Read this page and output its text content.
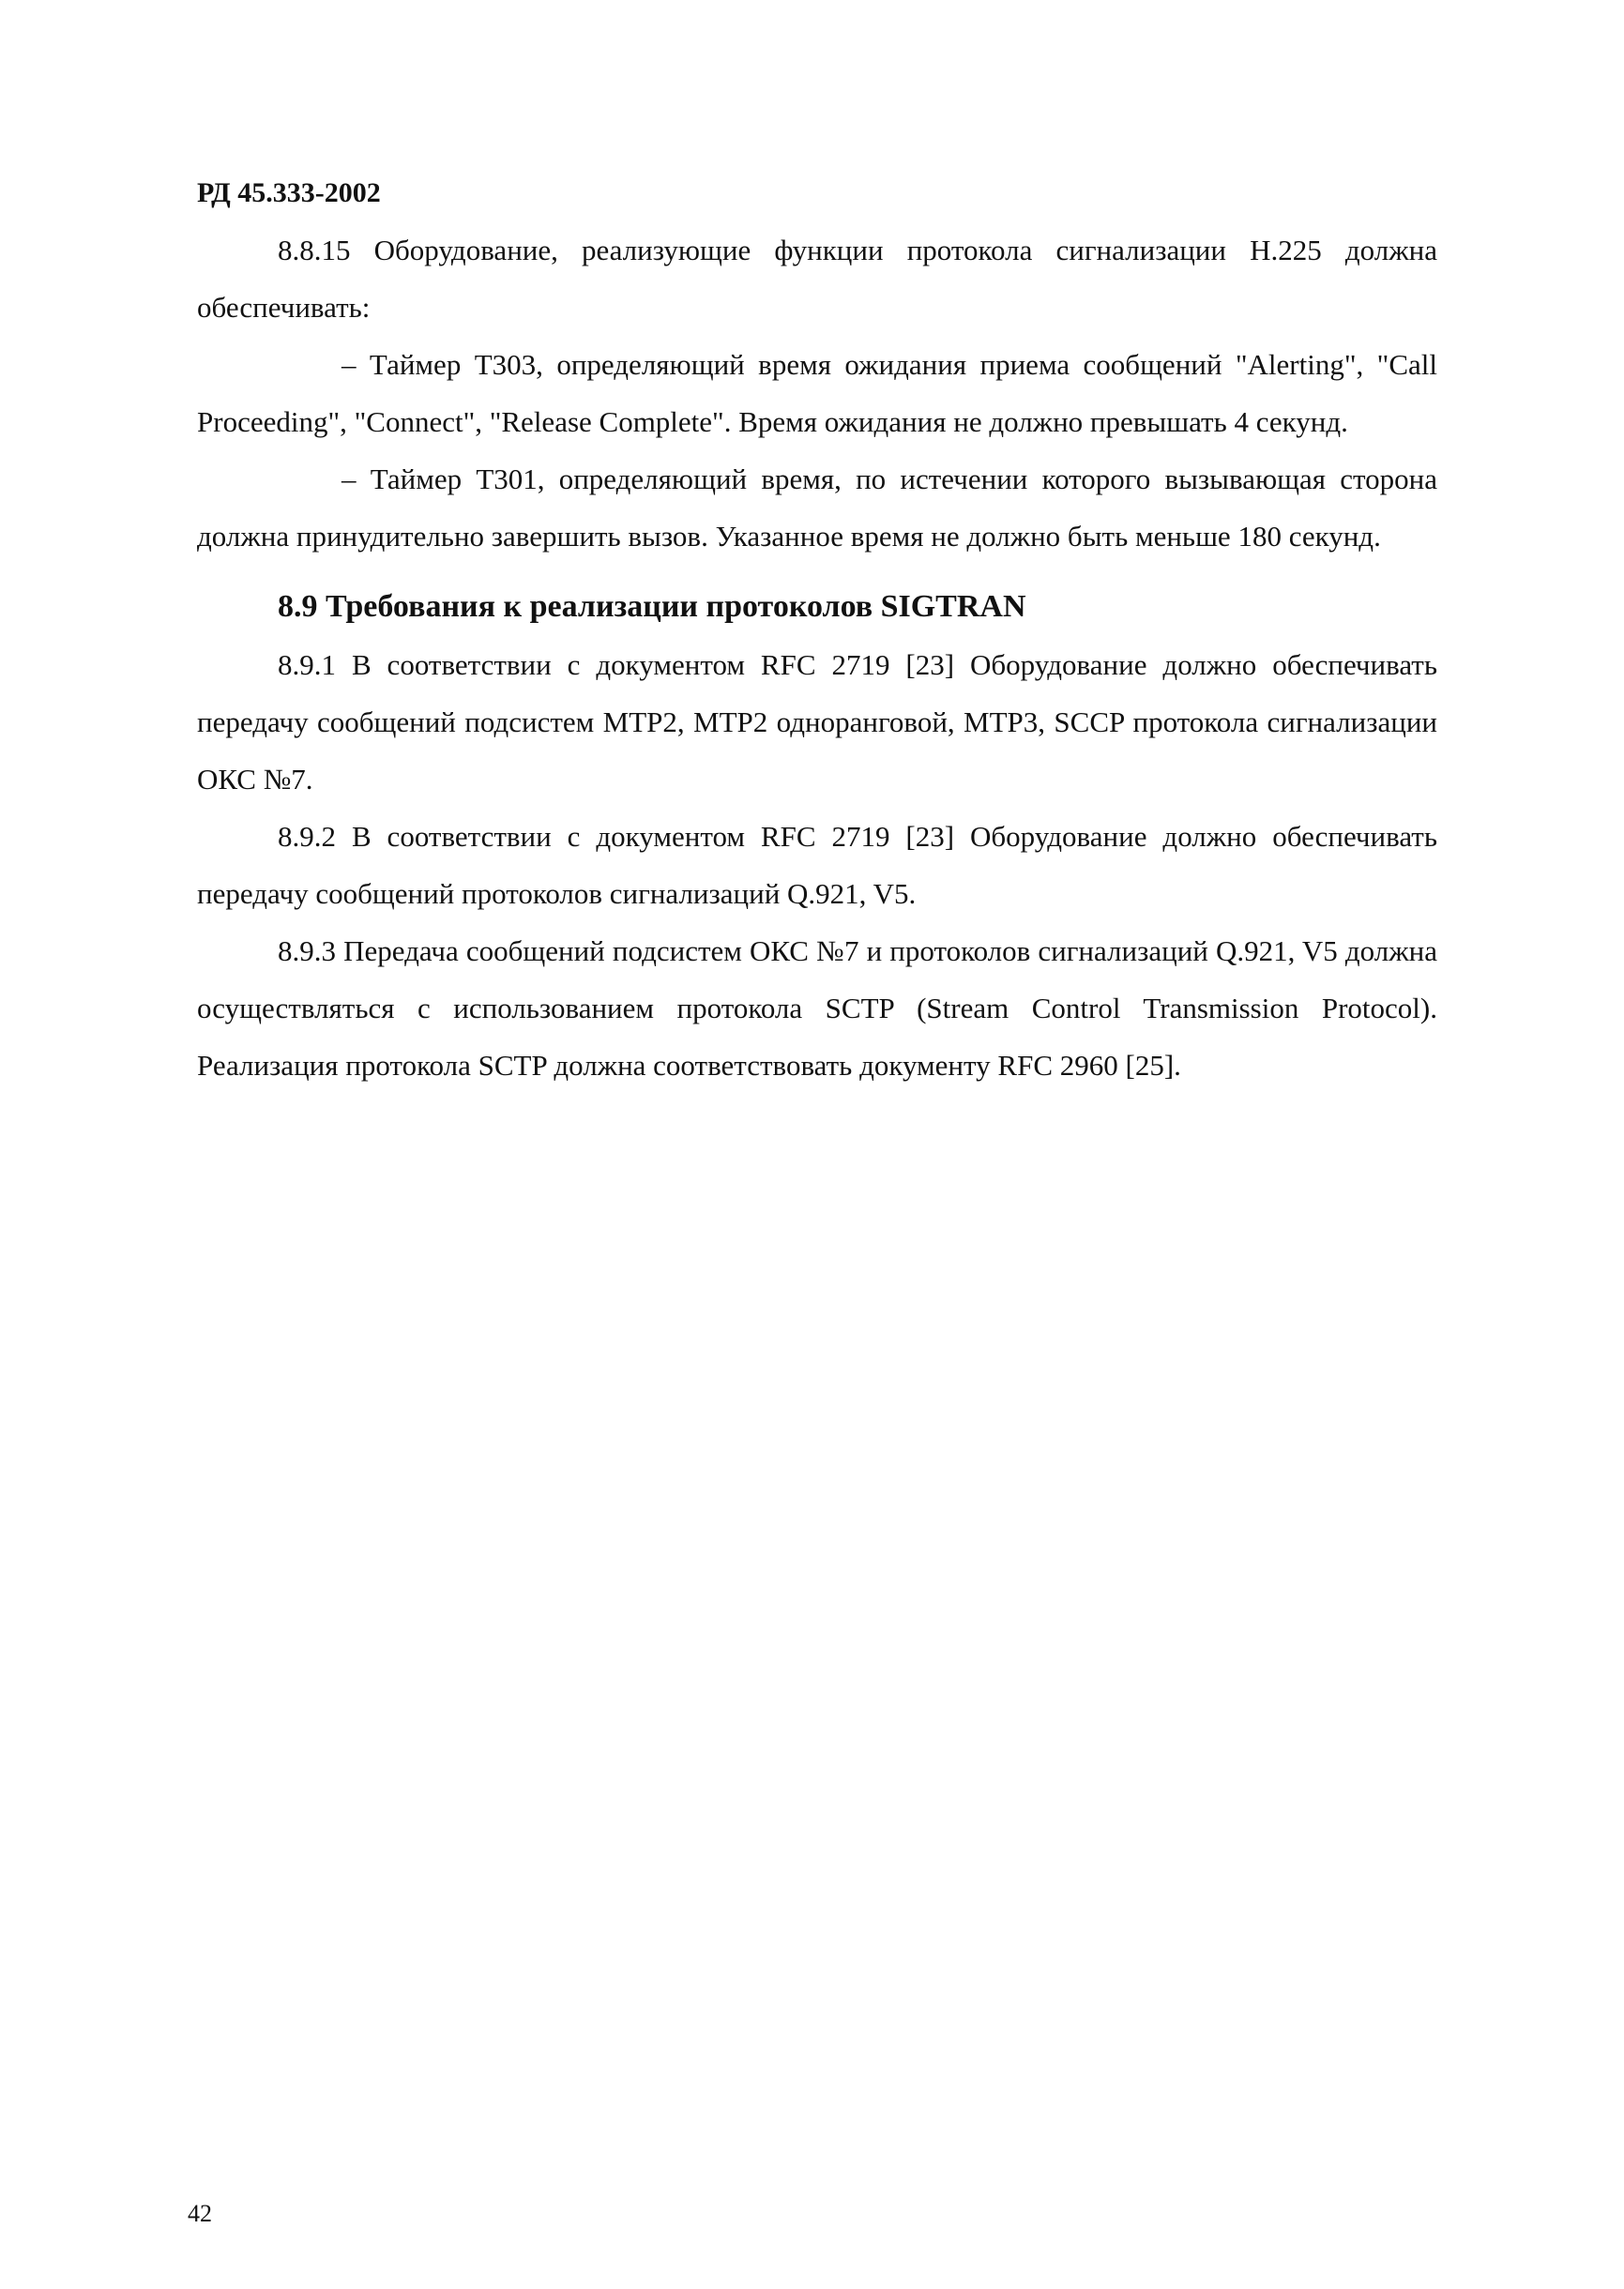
РД 45.333-2002

8.8.15 Оборудование, реализующие функции протокола сигнализации H.225 должна обеспечивать:

– Таймер Т303, определяющий время ожидания приема сообщений "Alerting", "Call Proceeding", "Connect", "Release Complete". Время ожидания не должно превышать 4 секунд.

– Таймер Т301, определяющий время, по истечении которого вызывающая сторона должна принудительно завершить вызов. Указанное время не должно быть меньше 180 секунд.

8.9 Требования к реализации протоколов SIGTRAN

8.9.1 В соответствии с документом RFC 2719 [23] Оборудование должно обеспечивать передачу сообщений подсистем MTP2, MTP2 одноранговой, MTP3, SCCP протокола сигнализации ОКС №7.

8.9.2 В соответствии с документом RFC 2719 [23] Оборудование должно обеспечивать передачу сообщений протоколов сигнализаций Q.921, V5.

8.9.3 Передача сообщений подсистем ОКС №7 и протоколов сигнализаций Q.921, V5 должна осуществляться с использованием протокола SCTP (Stream Control Transmission Protocol). Реализация протокола SCTP должна соответствовать документу RFC 2960 [25].

42
